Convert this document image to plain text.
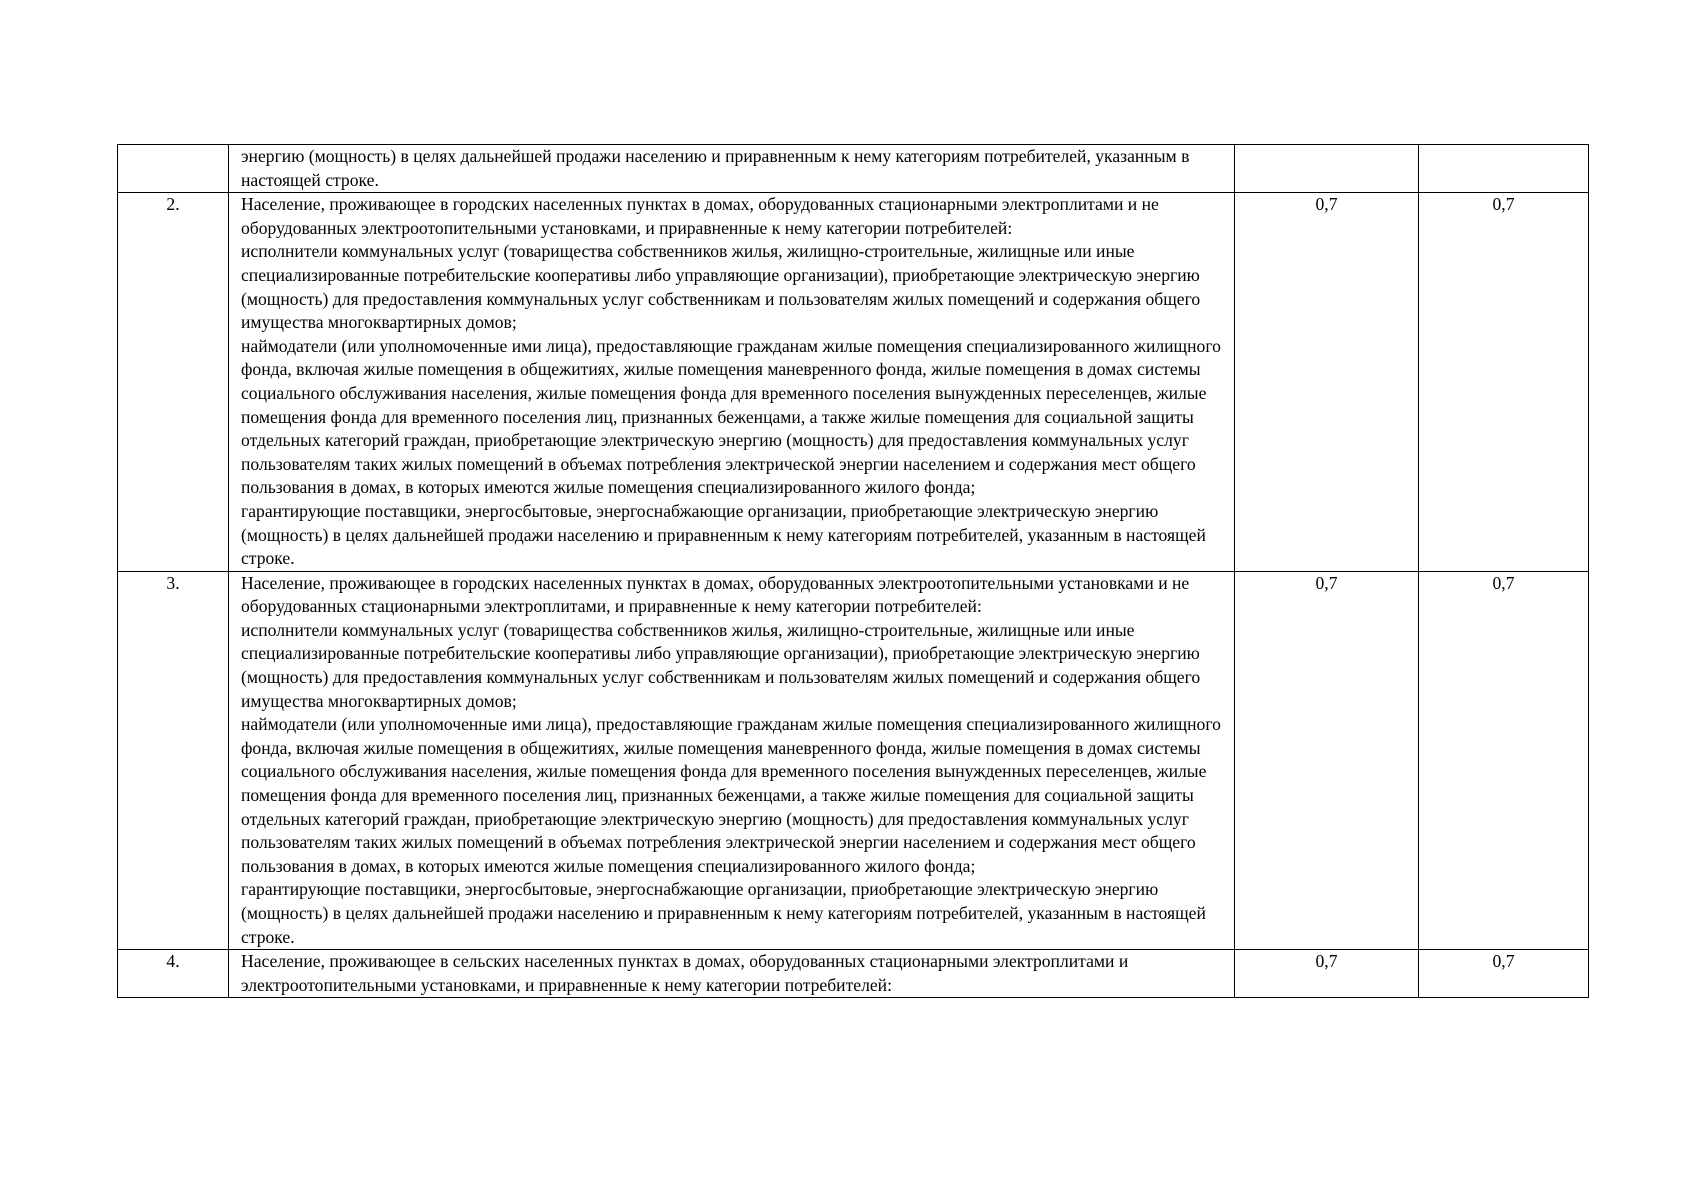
	энергию (мощность) в целях дальнейшей продажи населению и приравненным к нему категориям потребителей, указанным в настоящей строке.		

2.	Население, проживающее в городских населенных пунктах в домах, оборудованных стационарными электроплитами и не оборудованных электроотопительными установками, и приравненные к нему категории потребителей:
исполнители коммунальных услуг (товарищества собственников жилья, жилищно-строительные, жилищные или иные специализированные потребительские кооперативы либо управляющие организации), приобретающие электрическую энергию (мощность) для предоставления коммунальных услуг собственникам и пользователям жилых помещений и содержания общего имущества многоквартирных домов;
наймодатели (или уполномоченные ими лица), предоставляющие гражданам жилые помещения специализированного жилищного фонда, включая жилые помещения в общежитиях, жилые помещения маневренного фонда, жилые помещения в домах системы социального обслуживания населения, жилые помещения фонда для временного поселения вынужденных переселенцев, жилые помещения фонда для временного поселения лиц, признанных беженцами, а также жилые помещения для социальной защиты отдельных категорий граждан, приобретающие электрическую энергию (мощность) для предоставления коммунальных услуг пользователям таких жилых помещений в объемах потребления электрической энергии населением и содержания мест общего пользования в домах, в которых имеются жилые помещения специализированного жилого фонда;
гарантирующие поставщики, энергосбытовые, энергоснабжающие организации, приобретающие электрическую энергию (мощность) в целях дальнейшей продажи населению и приравненным к нему категориям потребителей, указанным в настоящей строке.	0,7	0,7
3.	Население, проживающее в городских населенных пунктах в домах, оборудованных электроотопительными установками и не оборудованных стационарными электроплитами, и приравненные к нему категории потребителей:
исполнители коммунальных услуг (товарищества собственников жилья, жилищно-строительные, жилищные или иные специализированные потребительские кооперативы либо управляющие организации), приобретающие электрическую энергию (мощность) для предоставления коммунальных услуг собственникам и пользователям жилых помещений и содержания общего имущества многоквартирных домов;
наймодатели (или уполномоченные ими лица), предоставляющие гражданам жилые помещения специализированного жилищного фонда, включая жилые помещения в общежитиях, жилые помещения маневренного фонда, жилые помещения в домах системы социального обслуживания населения, жилые помещения фонда для временного поселения вынужденных переселенцев, жилые помещения фонда для временного поселения лиц, признанных беженцами, а также жилые помещения для социальной защиты отдельных категорий граждан, приобретающие электрическую энергию (мощность) для предоставления коммунальных услуг пользователям таких жилых помещений в объемах потребления электрической энергии населением и содержания мест общего пользования в домах, в которых имеются жилые помещения специализированного жилого фонда;
гарантирующие поставщики, энергосбытовые, энергоснабжающие организации, приобретающие электрическую энергию (мощность) в целях дальнейшей продажи населению и приравненным к нему категориям потребителей, указанным в настоящей строке.	0,7	0,7
4.	Население, проживающее в сельских населенных пунктах в домах, оборудованных стационарными электроплитами и электроотопительными установками, и приравненные к нему категории потребителей:	0,7	0,7
